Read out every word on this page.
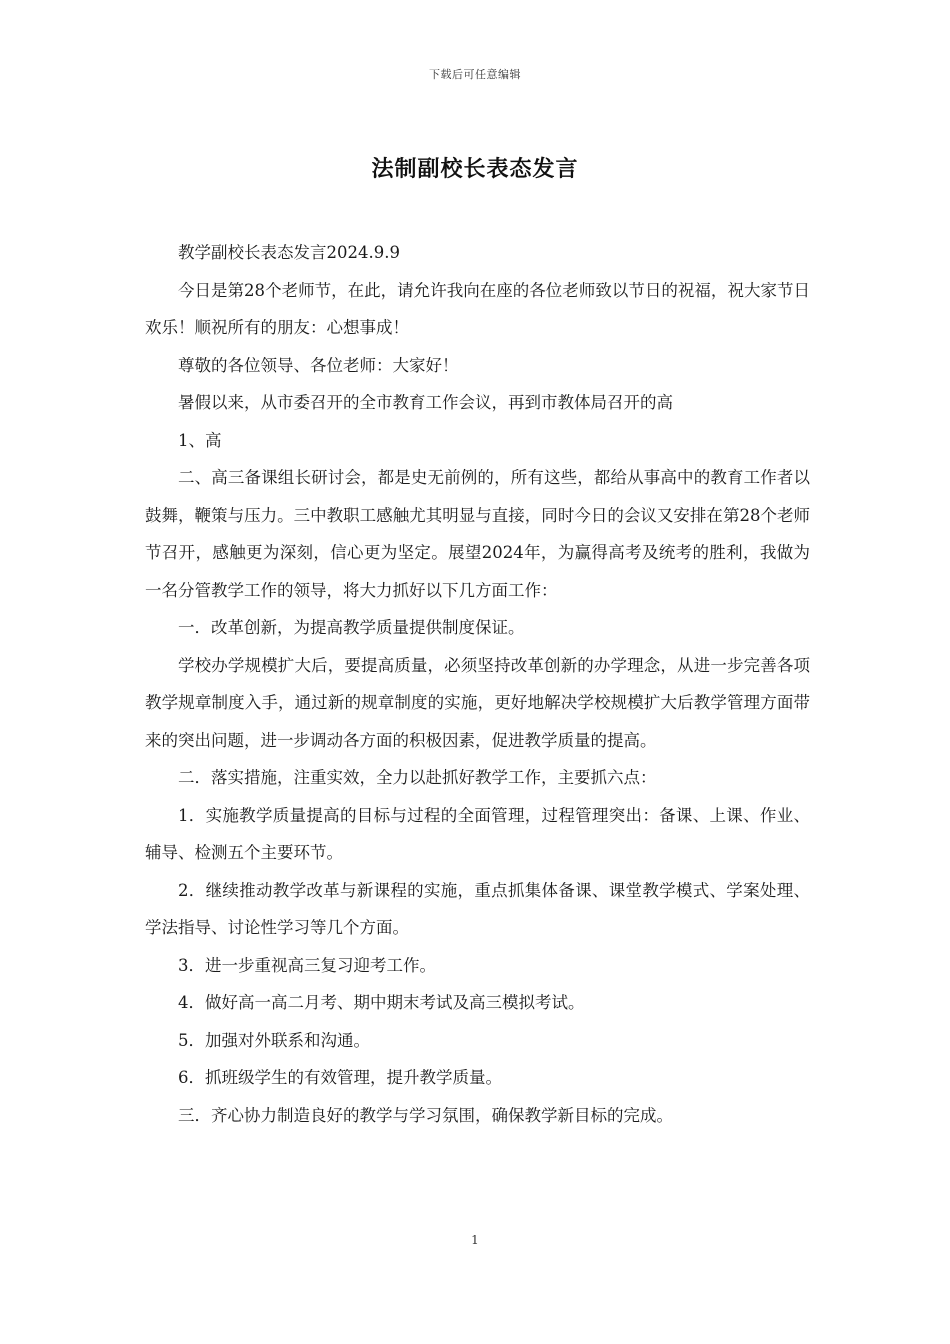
下载后可任意编辑
法制副校长表态发言

教学副校长表态发言2024.9.9

今日是第28个老师节，在此，请允许我向在座的各位老师致以节日的祝福，祝大家节日欢乐！顺祝所有的朋友：心想事成！

尊敬的各位领导、各位老师：大家好！

暑假以来，从市委召开的全市教育工作会议，再到市教体局召开的高

1、高

二、高三备课组长研讨会，都是史无前例的，所有这些，都给从事高中的教育工作者以鼓舞，鞭策与压力。三中教职工感触尤其明显与直接，同时今日的会议又安排在第28个老师节召开，感触更为深刻，信心更为坚定。展望2024年，为赢得高考及统考的胜利，我做为一名分管教学工作的领导，将大力抓好以下几方面工作：

一．改革创新，为提高教学质量提供制度保证。

学校办学规模扩大后，要提高质量，必须坚持改革创新的办学理念，从进一步完善各项教学规章制度入手，通过新的规章制度的实施，更好地解决学校规模扩大后教学管理方面带来的突出问题，进一步调动各方面的积极因素，促进教学质量的提高。

二．落实措施，注重实效，全力以赴抓好教学工作，主要抓六点：

1．实施教学质量提高的目标与过程的全面管理，过程管理突出：备课、上课、作业、辅导、检测五个主要环节。

2．继续推动教学改革与新课程的实施，重点抓集体备课、课堂教学模式、学案处理、学法指导、讨论性学习等几个方面。

3．进一步重视高三复习迎考工作。

4．做好高一高二月考、期中期末考试及高三模拟考试。

5．加强对外联系和沟通。

6．抓班级学生的有效管理，提升教学质量。

三．齐心协力制造良好的教学与学习氛围，确保教学新目标的完成。

1
